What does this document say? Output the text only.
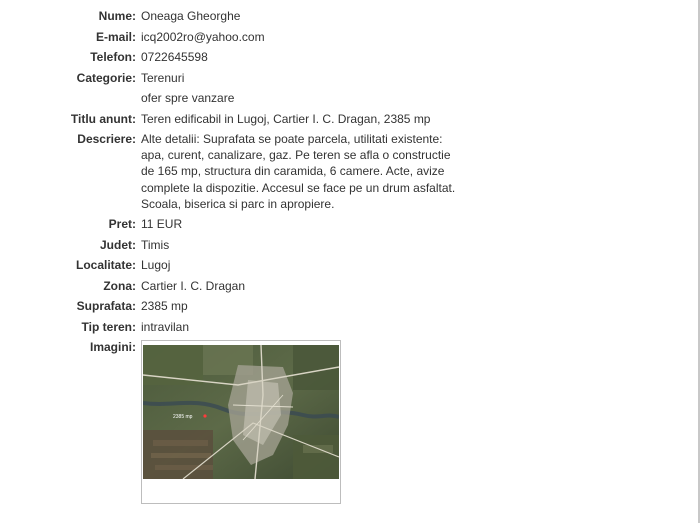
Nume: Oneaga Gheorghe
E-mail: icq2002ro@yahoo.com
Telefon: 0722645598
Categorie: Terenuri
ofer spre vanzare
Titlu anunt: Teren edificabil in Lugoj, Cartier I. C. Dragan, 2385 mp
Descriere: Alte detalii: Suprafata se poate parcela, utilitati existente: apa, curent, canalizare, gaz. Pe teren se afla o constructie de 165 mp, structura din caramida, 6 camere. Acte, avize complete la dispozitie. Accesul se face pe un drum asfaltat. Scoala, biserica si parc in apropiere.
Pret: 11 EUR
Judet: Timis
Localitate: Lugoj
Zona: Cartier I. C. Dragan
Suprafata: 2385 mp
Tip teren: intravilan
Imagini:
2385 mp
